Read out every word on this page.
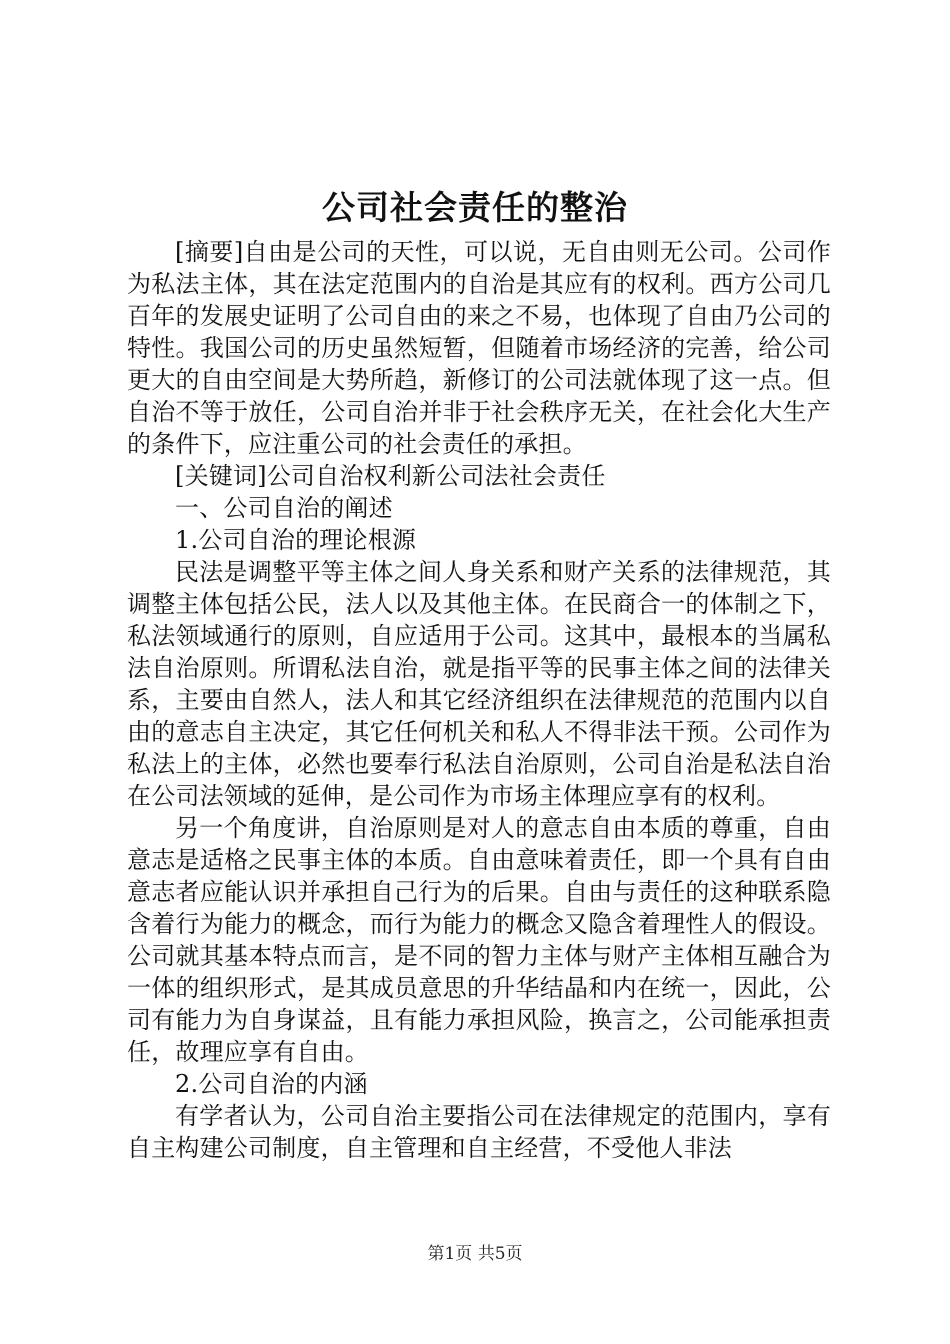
公司社会责任的整治

[摘要]自由是公司的天性，可以说，无自由则无公司。公司作为私法主体，其在法定范围内的自治是其应有的权利。西方公司几百年的发展史证明了公司自由的来之不易，也体现了自由乃公司的特性。我国公司的历史虽然短暂，但随着市场经济的完善，给公司更大的自由空间是大势所趋，新修订的公司法就体现了这一点。但自治不等于放任，公司自治并非于社会秩序无关，在社会化大生产的条件下，应注重公司的社会责任的承担。

[关键词]公司自治权利新公司法社会责任

一、公司自治的阐述

1.公司自治的理论根源

民法是调整平等主体之间人身关系和财产关系的法律规范，其调整主体包括公民，法人以及其他主体。在民商合一的体制之下，私法领域通行的原则，自应适用于公司。这其中，最根本的当属私法自治原则。所谓私法自治，就是指平等的民事主体之间的法律关系，主要由自然人，法人和其它经济组织在法律规范的范围内以自由的意志自主决定，其它任何机关和私人不得非法干预。公司作为私法上的主体，必然也要奉行私法自治原则，公司自治是私法自治在公司法领域的延伸，是公司作为市场主体理应享有的权利。

另一个角度讲，自治原则是对人的意志自由本质的尊重，自由意志是适格之民事主体的本质。自由意味着责任，即一个具有自由意志者应能认识并承担自己行为的后果。自由与责任的这种联系隐含着行为能力的概念，而行为能力的概念又隐含着理性人的假设。公司就其基本特点而言，是不同的智力主体与财产主体相互融合为一体的组织形式，是其成员意思的升华结晶和内在统一，因此，公司有能力为自身谋益，且有能力承担风险，换言之，公司能承担责任，故理应享有自由。

2.公司自治的内涵

有学者认为，公司自治主要指公司在法律规定的范围内，享有自主构建公司制度，自主管理和自主经营，不受他人非法

第1页 共5页
